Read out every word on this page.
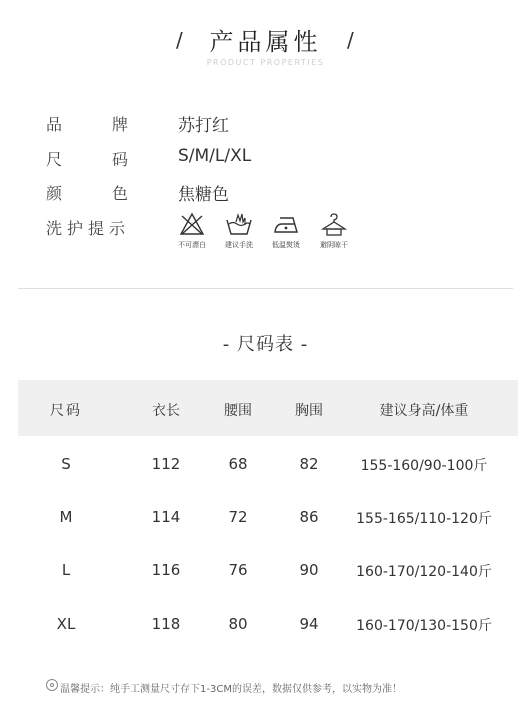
/	产品属性	/
PRODUCT PROPERTIES
品	牌	苏打红
尺	码	S/M/L/XL
颜	色	焦糖色
洗护提示
不可漂白	建议手洗	低温熨烫	避阴晾干
- 尺码表 -
尺码	衣长	腰围	胸围	建议身高/体重
S	112	68	82	155-160/90-100斤
M	114	72	86	155-165/110-120斤
L	116	76	90	160-170/120-140斤
XL	118	80	94	160-170/130-150斤
温馨提示：纯手工测量尺寸存下1-3CM的误差，数据仅供参考，以实物为准！
